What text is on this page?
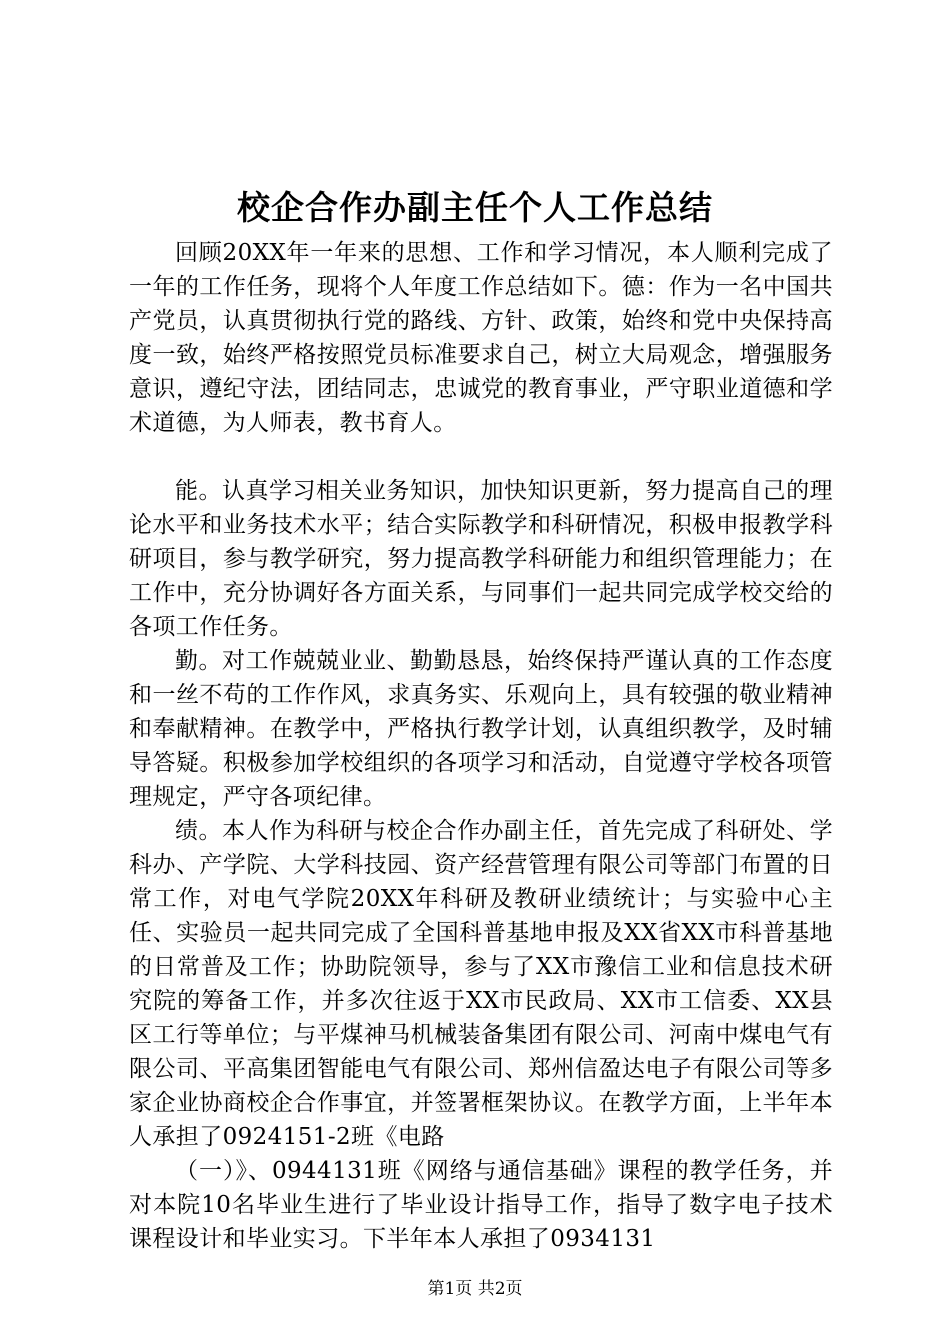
校企合作办副主任个人工作总结

回顾20XX年一年来的思想、工作和学习情况，本人顺利完成了一年的工作任务，现将个人年度工作总结如下。德：作为一名中国共产党员，认真贯彻执行党的路线、方针、政策，始终和党中央保持高度一致，始终严格按照党员标准要求自己，树立大局观念，增强服务意识，遵纪守法，团结同志，忠诚党的教育事业，严守职业道德和学术道德，为人师表，教书育人。

能。认真学习相关业务知识，加快知识更新，努力提高自己的理论水平和业务技术水平；结合实际教学和科研情况，积极申报教学科研项目，参与教学研究，努力提高教学科研能力和组织管理能力；在工作中，充分协调好各方面关系，与同事们一起共同完成学校交给的各项工作任务。

勤。对工作兢兢业业、勤勤恳恳，始终保持严谨认真的工作态度和一丝不苟的工作作风，求真务实、乐观向上，具有较强的敬业精神和奉献精神。在教学中，严格执行教学计划，认真组织教学，及时辅导答疑。积极参加学校组织的各项学习和活动，自觉遵守学校各项管理规定，严守各项纪律。

绩。本人作为科研与校企合作办副主任，首先完成了科研处、学科办、产学院、大学科技园、资产经营管理有限公司等部门布置的日常工作，对电气学院20XX年科研及教研业绩统计；与实验中心主任、实验员一起共同完成了全国科普基地申报及XX省XX市科普基地的日常普及工作；协助院领导，参与了XX市豫信工业和信息技术研究院的筹备工作，并多次往返于XX市民政局、XX市工信委、XX县区工行等单位；与平煤神马机械装备集团有限公司、河南中煤电气有限公司、平高集团智能电气有限公司、郑州信盈达电子有限公司等多家企业协商校企合作事宜，并签署框架协议。在教学方面，上半年本人承担了0924151-2班《电路

（一）》、0944131班《网络与通信基础》课程的教学任务，并对本院10名毕业生进行了毕业设计指导工作，指导了数字电子技术课程设计和毕业实习。下半年本人承担了0934131

第1页 共2页
